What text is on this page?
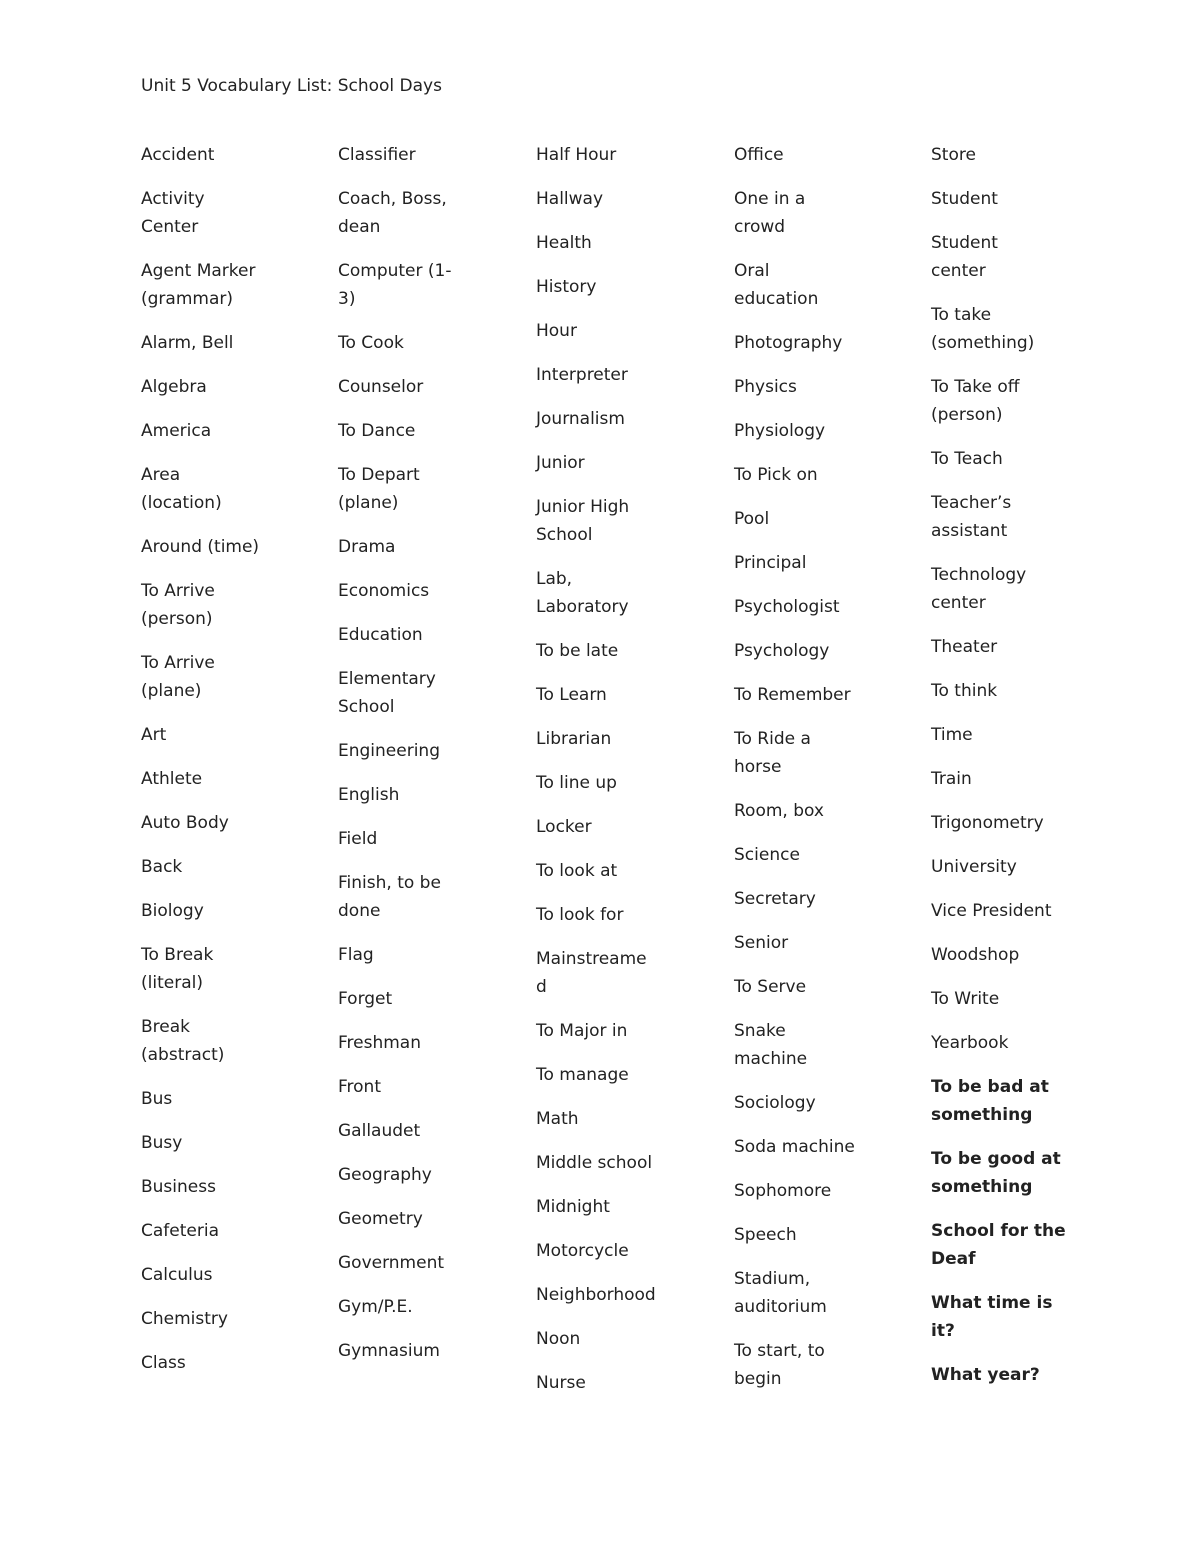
Unit 5 Vocabulary List: School Days
Accident
Activity
Center
Agent Marker
(grammar)
Alarm, Bell
Algebra
America
Area
(location)
Around (time)
To Arrive
(person)
To Arrive
(plane)
Art
Athlete
Auto Body
Back
Biology
To Break
(literal)
Break
(abstract)
Bus
Busy
Business
Cafeteria
Calculus
Chemistry
Class
Classifier
Coach, Boss,
dean
Computer (1-
3)
To Cook
Counselor
To Dance
To Depart
(plane)
Drama
Economics
Education
Elementary
School
Engineering
English
Field
Finish, to be
done
Flag
Forget
Freshman
Front
Gallaudet
Geography
Geometry
Government
Gym/P.E.
Gymnasium
Half Hour
Hallway
Health
History
Hour
Interpreter
Journalism
Junior
Junior High
School
Lab,
Laboratory
To be late
To Learn
Librarian
To line up
Locker
To look at
To look for
Mainstreame
d
To Major in
To manage
Math
Middle school
Midnight
Motorcycle
Neighborhood
Noon
Nurse
Office
One in a
crowd
Oral
education
Photography
Physics
Physiology
To Pick on
Pool
Principal
Psychologist
Psychology
To Remember
To Ride a
horse
Room, box
Science
Secretary
Senior
To Serve
Snake
machine
Sociology
Soda machine
Sophomore
Speech
Stadium,
auditorium
To start, to
begin
Store
Student
Student
center
To take
(something)
To Take off
(person)
To Teach
Teacher’s
assistant
Technology
center
Theater
To think
Time
Train
Trigonometry
University
Vice President
Woodshop
To Write
Yearbook
To be bad at
something
To be good at
something
School for the
Deaf
What time is
it?
What year?
